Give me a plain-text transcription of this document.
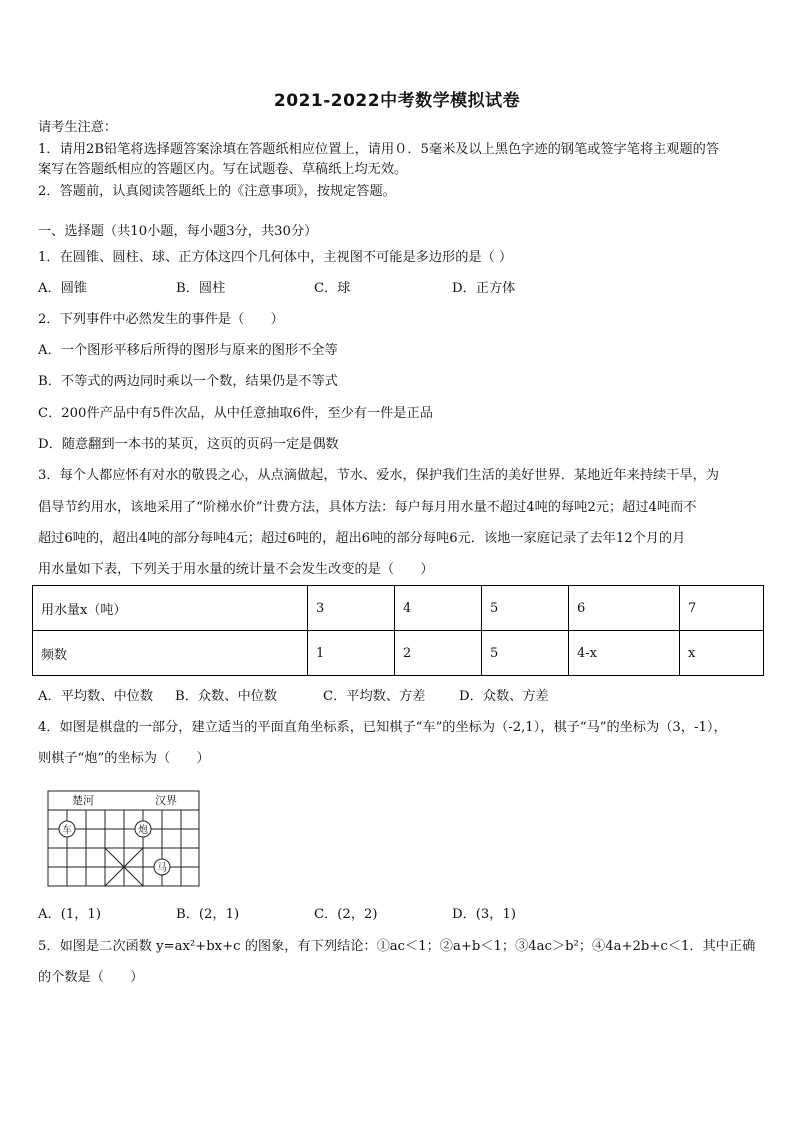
2021-2022中考数学模拟试卷
请考生注意：
1．请用2B铅笔将选择题答案涂填在答题纸相应位置上，请用０．5毫米及以上黑色字迹的钢笔或签字笔将主观题的答
案写在答题纸相应的答题区内。写在试题卷、草稿纸上均无效。
2．答题前，认真阅读答题纸上的《注意事项》，按规定答题。
一、选择题（共10小题，每小题3分，共30分）
1．在圆锥、圆柱、球、正方体这四个几何体中，主视图不可能是多边形的是（ ）
A．圆锥	B．圆柱	C．球	D．正方体
2．下列事件中必然发生的事件是（　　）
A．一个图形平移后所得的图形与原来的图形不全等
B．不等式的两边同时乘以一个数，结果仍是不等式
C．200件产品中有5件次品，从中任意抽取6件，至少有一件是正品
D．随意翻到一本书的某页，这页的页码一定是偶数
3．每个人都应怀有对水的敬畏之心，从点滴做起，节水、爱水，保护我们生活的美好世界．某地近年来持续干旱，为
倡导节约用水，该地采用了“阶梯水价”计费方法，具体方法：每户每月用水量不超过4吨的每吨2元；超过4吨而不
超过6吨的，超出4吨的部分每吨4元；超过6吨的，超出6吨的部分每吨6元．该地一家庭记录了去年12个月的月
用水量如下表，下列关于用水量的统计量不会发生改变的是（　　）
用水量x（吨）	3	4	5	6	7
频数	1	2	5	4-x	x
A．平均数、中位数 B．众数、中位数	C．平均数、方差	D．众数、方差
4．如图是棋盘的一部分，建立适当的平面直角坐标系，已知棋子“车”的坐标为（-2,1），棋子“马”的坐标为（3，-1），
则棋子“炮”的坐标为（　　）
楚河	汉界
车	炮
马
A．(1，1)	B．(2，1)	C．(2，2)	D．(3，1)
5．如图是二次函数 y=ax²+bx+c 的图象，有下列结论：①ac＜1；②a+b＜1；③4ac＞b²；④4a+2b+c＜1．其中正确
的个数是（　　）
